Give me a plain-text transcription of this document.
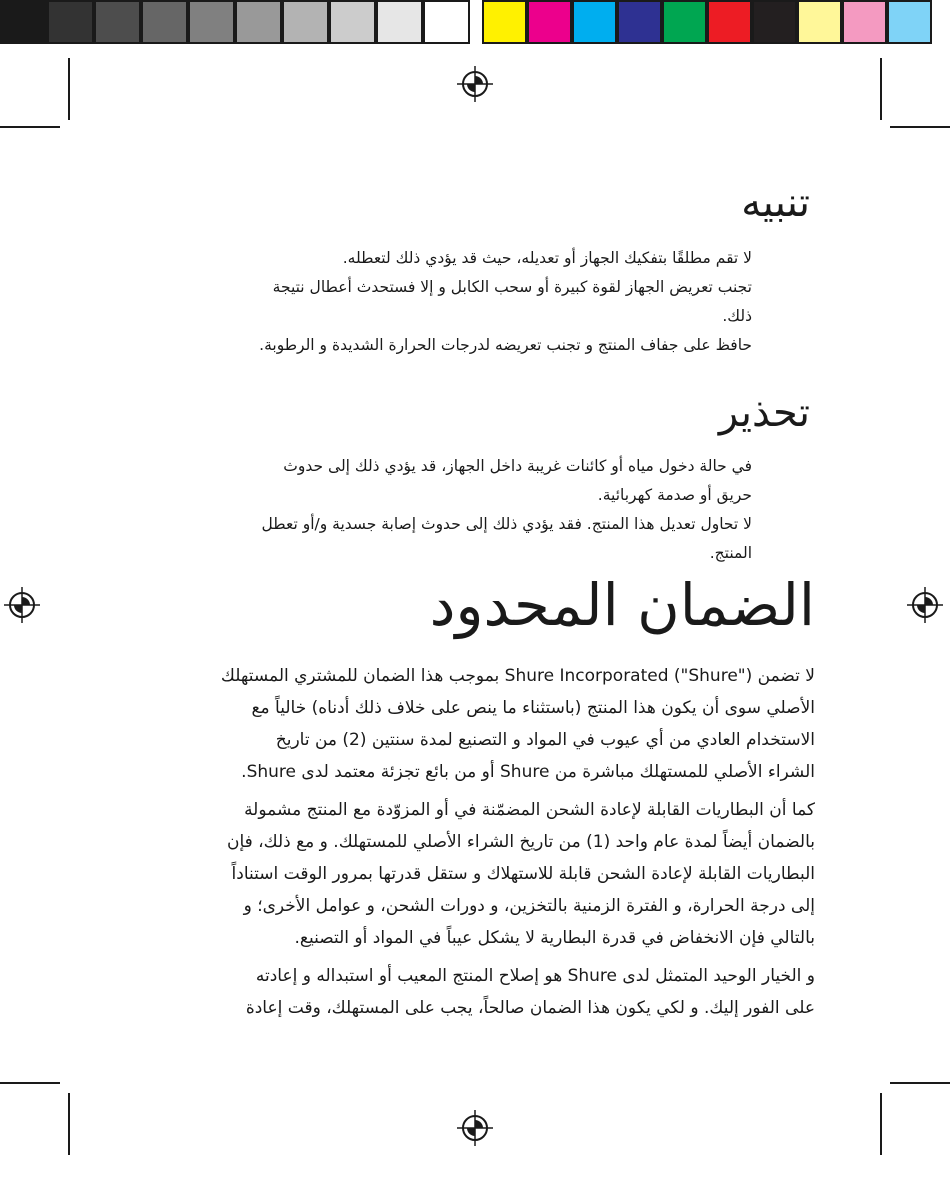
تنبيه

لا تقم مطلقًا بتفكيك الجهاز أو تعديله، حيث قد يؤدي ذلك لتعطله.

تجنب تعريض الجهاز لقوة كبيرة أو سحب الكابل و إلا فستحدث أعطال نتيجة

ذلك.

حافظ على جفاف المنتج و تجنب تعريضه لدرجات الحرارة الشديدة و الرطوبة.

تحذير

في حالة دخول مياه أو كائنات غريبة داخل الجهاز، قد يؤدي ذلك إلى حدوث

حريق أو صدمة كهربائية.

لا تحاول تعديل هذا المنتج. فقد يؤدي ذلك إلى حدوث إصابة جسدية و/أو تعطل

المنتج.

الضمان المحدود

لا تضمن Shure Incorporated ("Shure") بموجب هذا الضمان للمشتري المستهلك
الأصلي سوى أن يكون هذا المنتج (باستثناء ما ينص على خلاف ذلك أدناه) خالياً مع
الاستخدام العادي من أي عيوب في المواد و التصنيع لمدة سنتين (2) من تاريخ
الشراء الأصلي للمستهلك مباشرة من Shure أو من بائع تجزئة معتمد لدى Shure.

كما أن البطاريات القابلة لإعادة الشحن المضمّنة في أو المزوّدة مع المنتج مشمولة
بالضمان أيضاً لمدة عام واحد (1) من تاريخ الشراء الأصلي للمستهلك. و مع ذلك، فإن
البطاريات القابلة لإعادة الشحن قابلة للاستهلاك و ستقل قدرتها بمرور الوقت استناداً
إلى درجة الحرارة، و الفترة الزمنية بالتخزين، و دورات الشحن، و عوامل الأخرى؛ و
بالتالي فإن الانخفاض في قدرة البطارية لا يشكل عيباً في المواد أو التصنيع.

و الخيار الوحيد المتمثل لدى Shure هو إصلاح المنتج المعيب أو استبداله و إعادته
على الفور إليك. و لكي يكون هذا الضمان صالحاً، يجب على المستهلك، وقت إعادة
